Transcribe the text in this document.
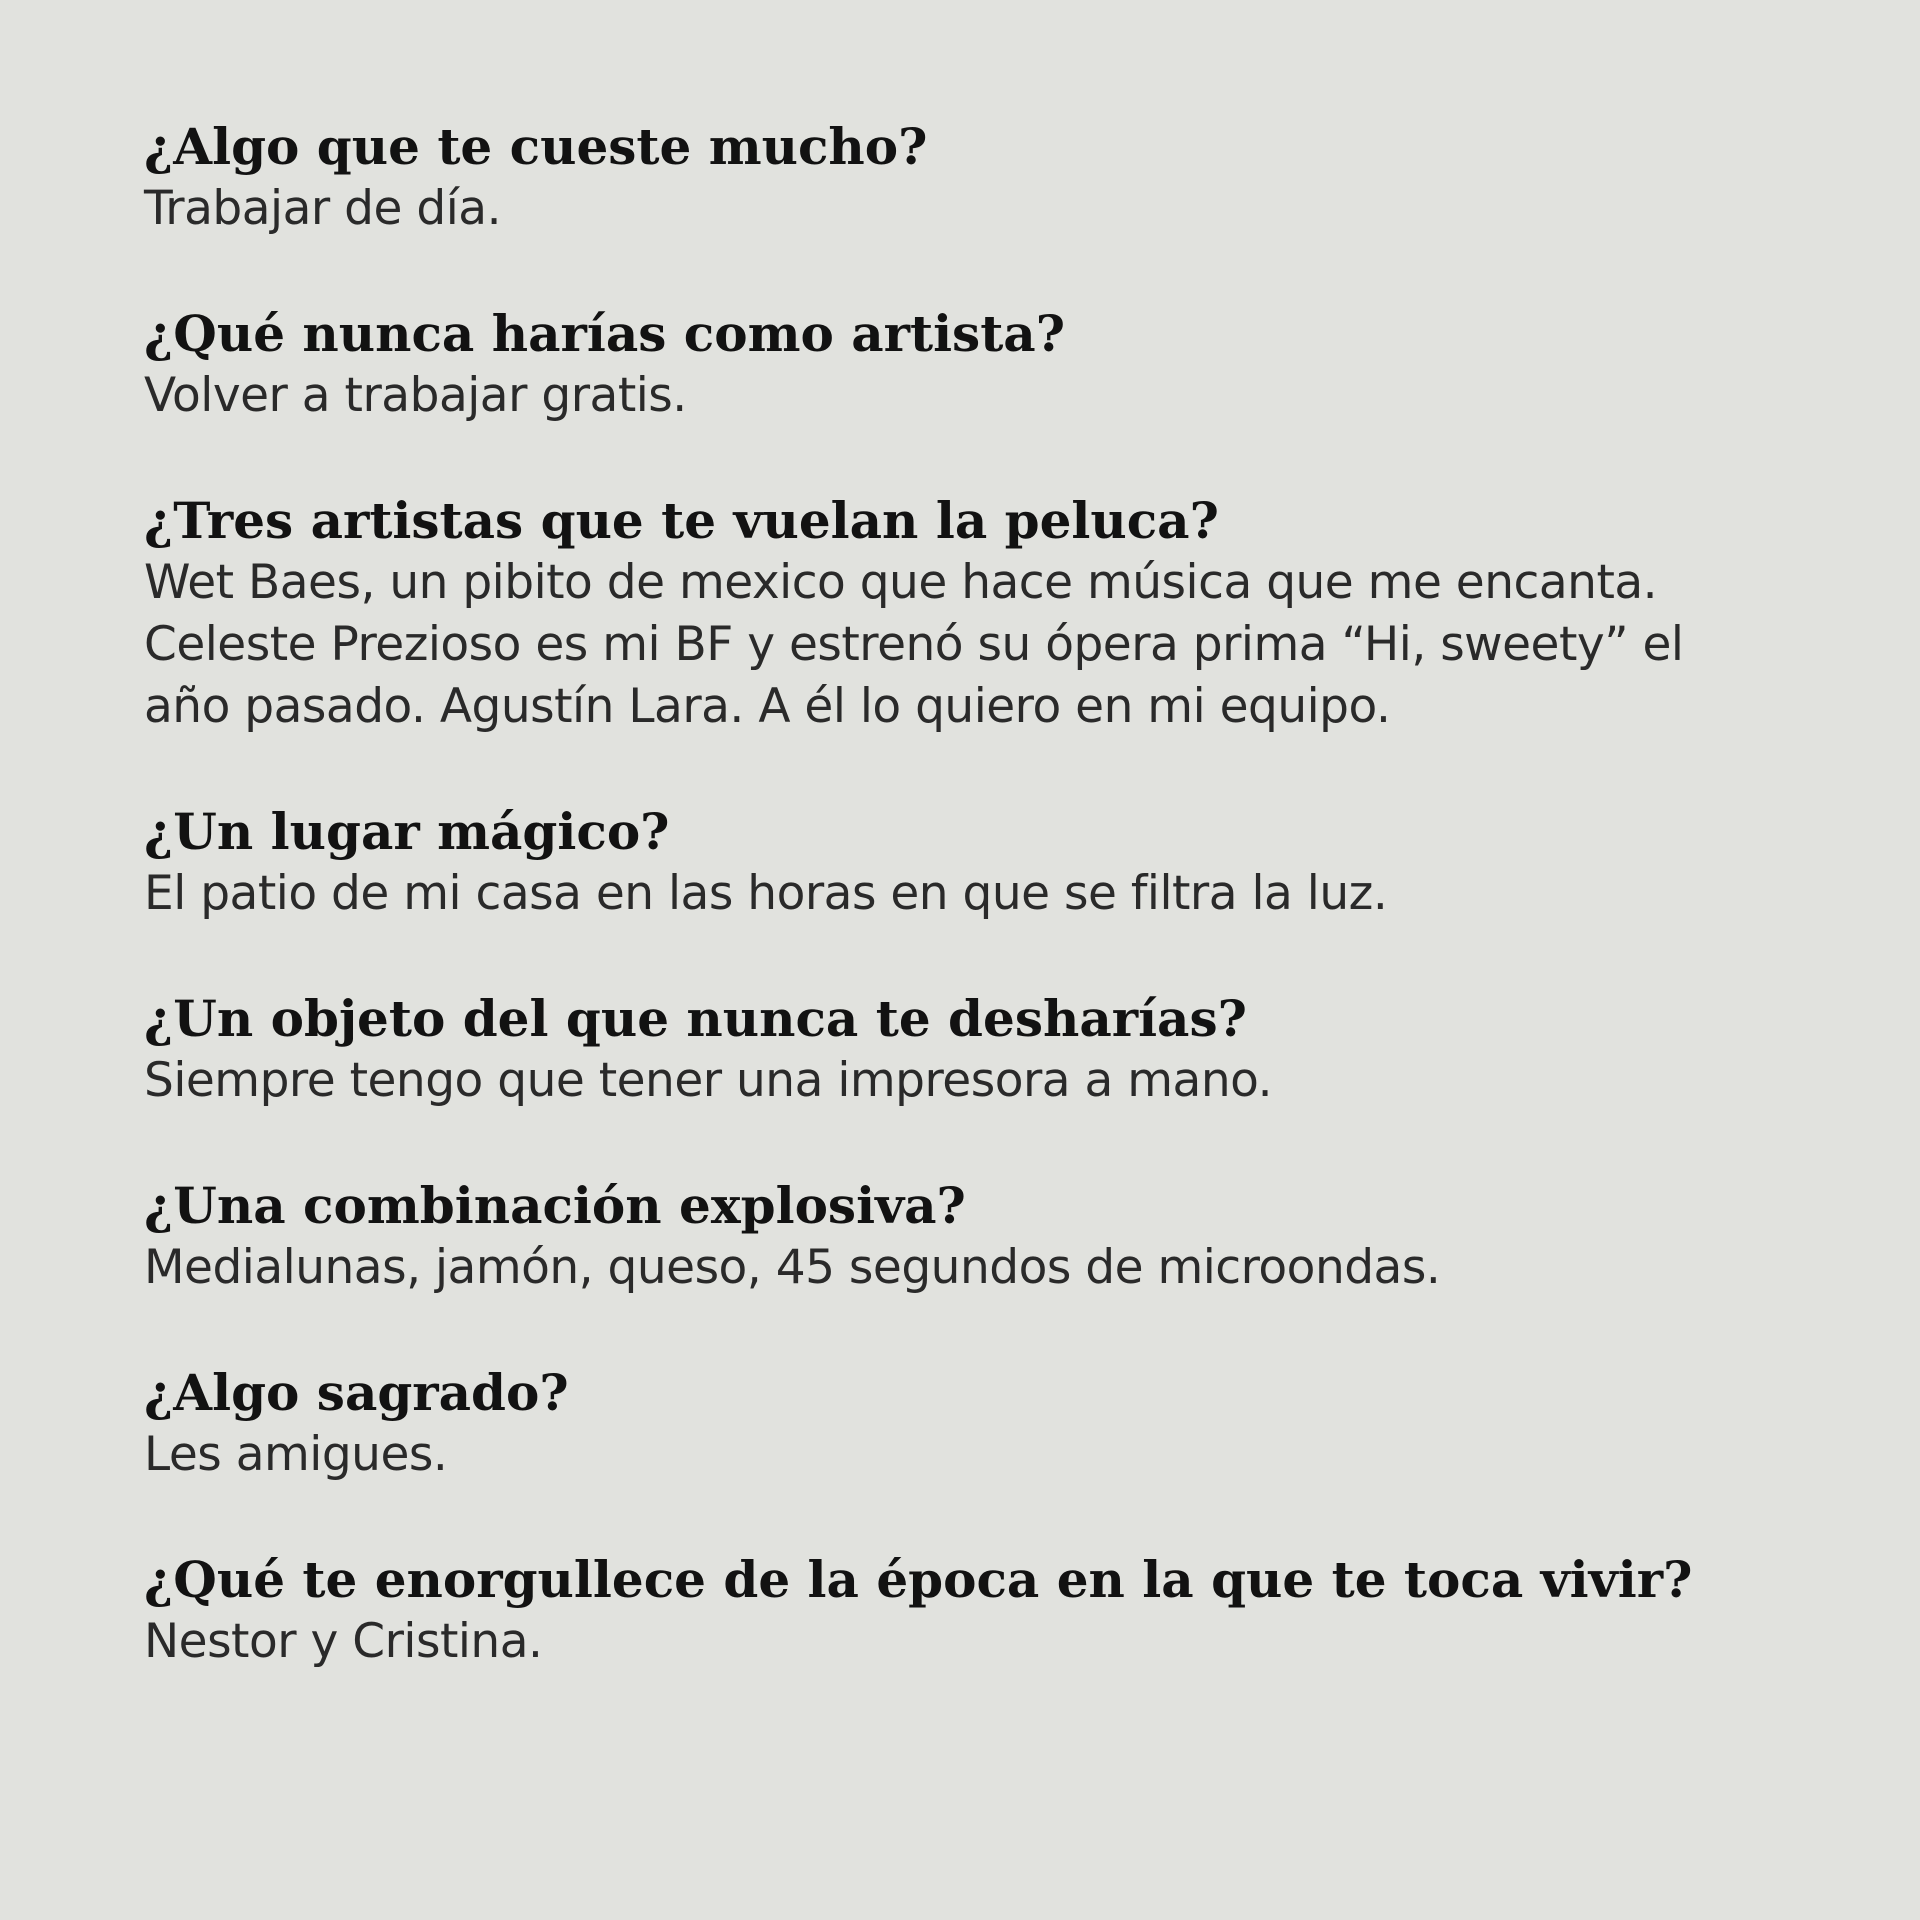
¿Algo que te cueste mucho?
Trabajar de día.
¿Qué nunca harías como artista?
Volver a trabajar gratis.
¿Tres artistas que te vuelan la peluca?
Wet Baes, un pibito de mexico que hace música que me encanta.
Celeste Prezioso es mi BF y estrenó su ópera prima “Hi, sweety” el
año pasado. Agustín Lara. A él lo quiero en mi equipo.
¿Un lugar mágico?
El patio de mi casa en las horas en que se filtra la luz.
¿Un objeto del que nunca te desharías?
Siempre tengo que tener una impresora a mano.
¿Una combinación explosiva?
Medialunas, jamón, queso, 45 segundos de microondas.
¿Algo sagrado?
Les amigues.
¿Qué te enorgullece de la época en la que te toca vivir?
Nestor y Cristina.
